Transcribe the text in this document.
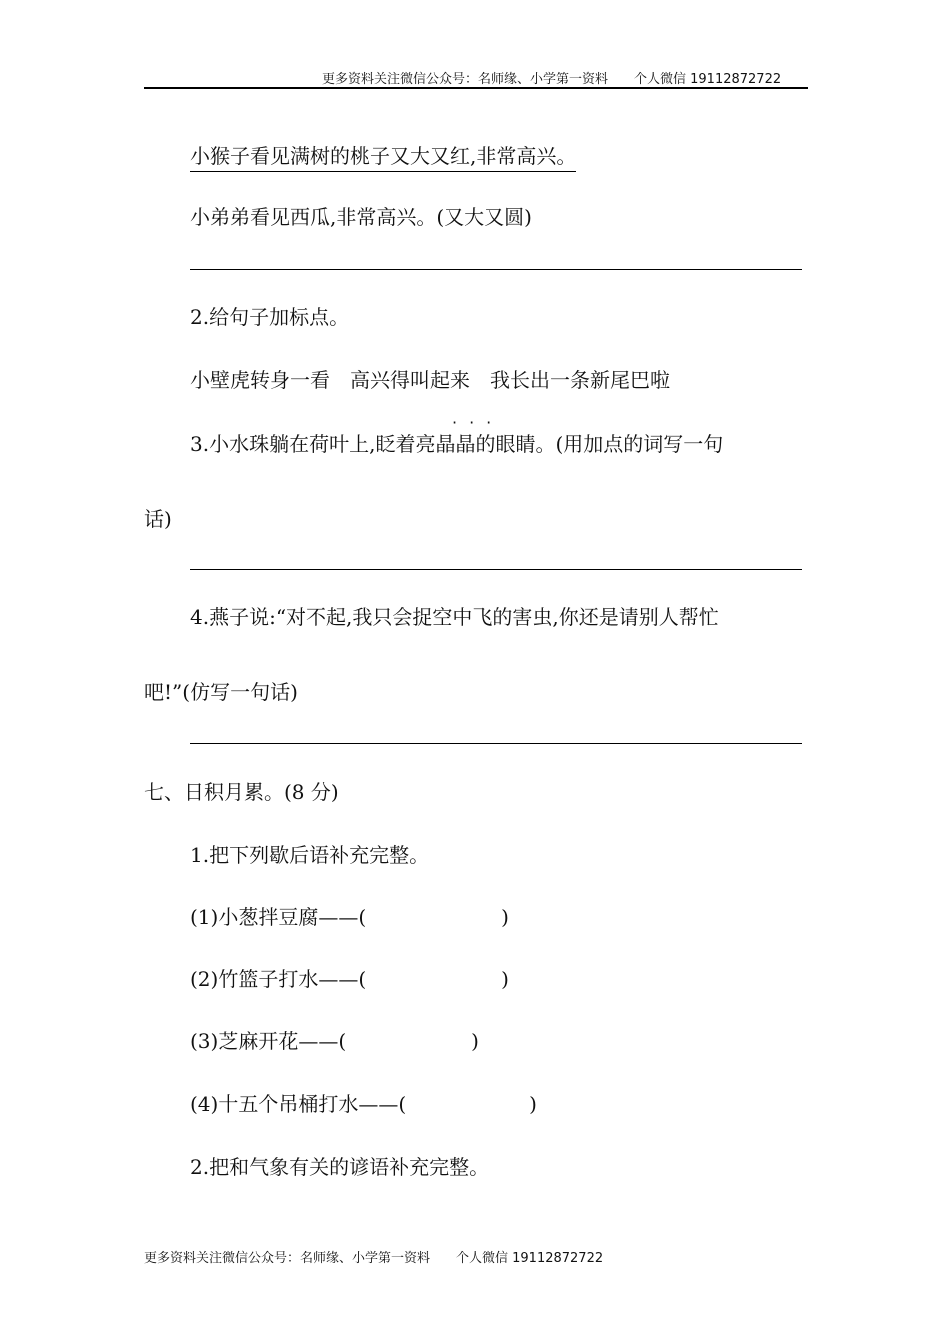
更多资料关注微信公众号：名师缘、小学第一资料　　个人微信 19112872722
小猴子看见满树的桃子又大又红,非常高兴。
小弟弟看见西瓜,非常高兴。(又大又圆)
2.给句子加标点。
小壁虎转身一看　高兴得叫起来　我长出一条新尾巴啦
···
3.小水珠躺在荷叶上,眨着亮晶晶的眼睛。(用加点的词写一句
话)
4.燕子说:“对不起,我只会捉空中飞的害虫,你还是请别人帮忙
吧!”(仿写一句话)
七、日积月累。(8 分)
1.把下列歇后语补充完整。
(1)小葱拌豆腐——(	)
(2)竹篮子打水——(	)
(3)芝麻开花——(	)
(4)十五个吊桶打水——(	)
2.把和气象有关的谚语补充完整。
更多资料关注微信公众号：名师缘、小学第一资料　　个人微信 19112872722
